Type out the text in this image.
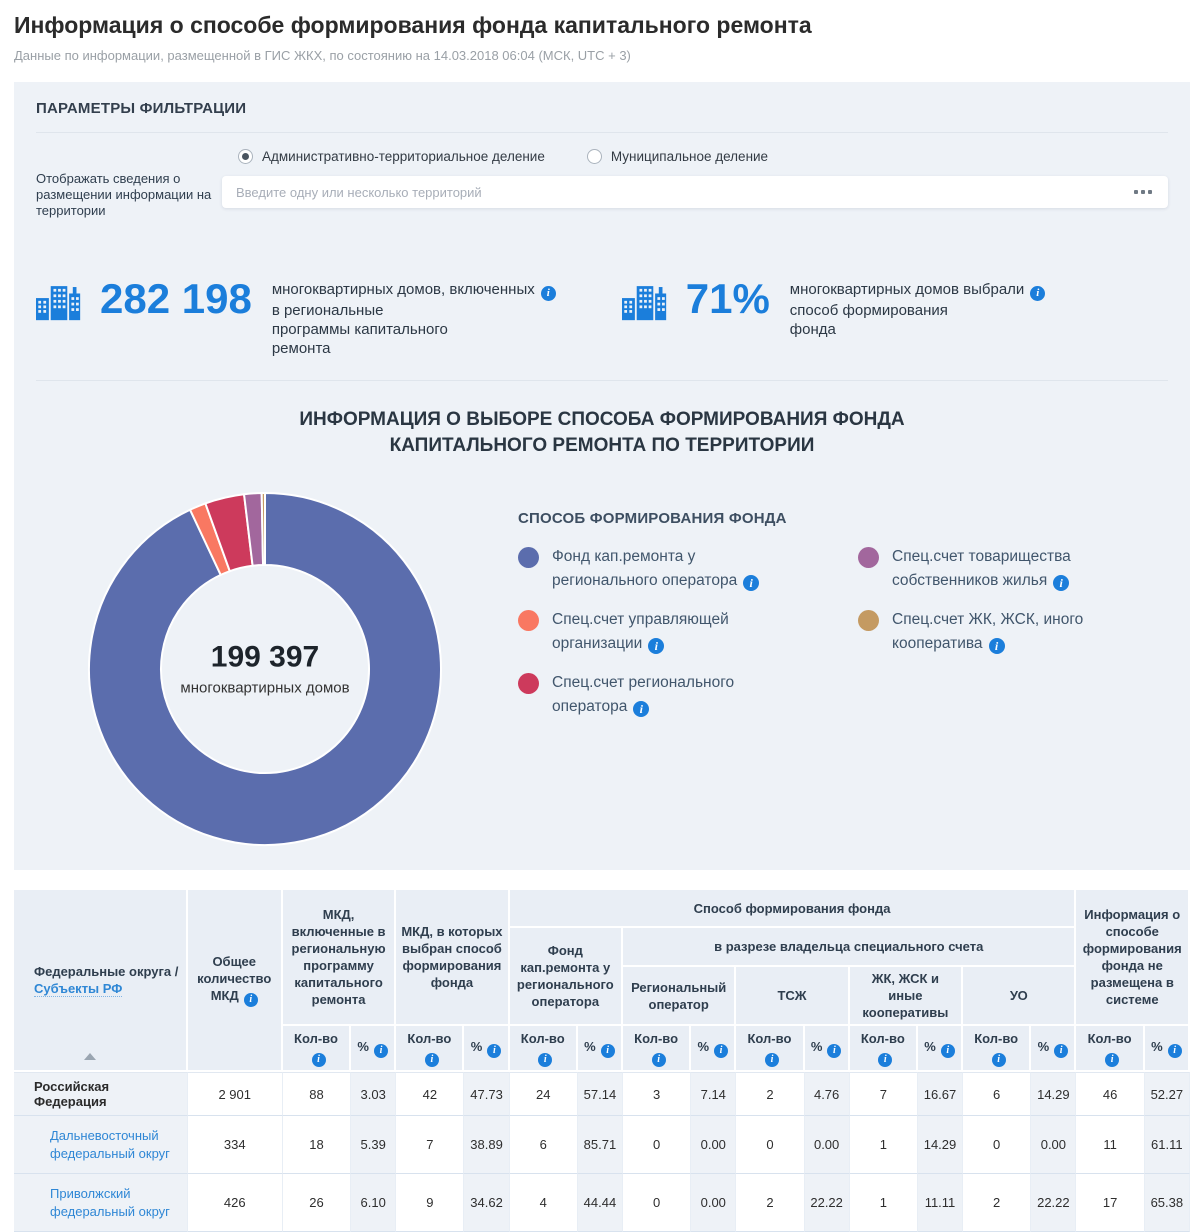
Информация о способе формирования фонда капитального ремонта
Данные по информации, размещенной в ГИС ЖКХ, по состоянию на 14.03.2018 06:04 (МСК, UTC + 3)
ПАРАМЕТРЫ ФИЛЬТРАЦИИ
Отображать сведения о размещении информации на территории
Административно-территориальное деление	Муниципальное деление
Введите одну или несколько территорий
282 198 многоквартирных домов, включенных i
в региональные программы капитального ремонта
71% многоквартирных домов выбрали i
способ формирования фонда
ИНФОРМАЦИЯ О ВЫБОРЕ СПОСОБА ФОРМИРОВАНИЯ ФОНДА КАПИТАЛЬНОГО РЕМОНТА ПО ТЕРРИТОРИИ
199 397
многоквартирных домов
СПОСОБ ФОРМИРОВАНИЯ ФОНДА
Фонд кап.ремонта у регионального оператора i
Спец.счет управляющей организации i
Спец.счет регионального оператора i
Спец.счет товарищества собственников жилья i
Спец.счет ЖК, ЖСК, иного кооператива i
Федеральные округа /
Субъекты РФ	Общее количество МКД i	МКД, включенные в региональную программу капитального ремонта		МКД, в которых выбран способ формирования фонда		Способ формирования фонда										Информация о способе формирования фонда не размещена в системе	
						Фонд кап.ремонта у регионального оператора		в разрезе владельца специального счета									
								Региональный оператор		ТСЖ		ЖК, ЖСК и иные кооперативы		УО			
		Кол-воi	% i	Кол-воi	% i	Кол-воi	% i	Кол-воi	% i	Кол-воi	% i	Кол-воi	% i	Кол-воi	% i	Кол-воi	% i
Российская Федерация	2 901	88	3.03	42	47.73	24	57.14	3	7.14	2	4.76	7	16.67	6	14.29	46	52.27
Дальневосточный федеральный округ	334	18	5.39	7	38.89	6	85.71	0	0.00	0	0.00	1	14.29	0	0.00	11	61.11
Приволжский федеральный округ	426	26	6.10	9	34.62	4	44.44	0	0.00	2	22.22	1	11.11	2	22.22	17	65.38
